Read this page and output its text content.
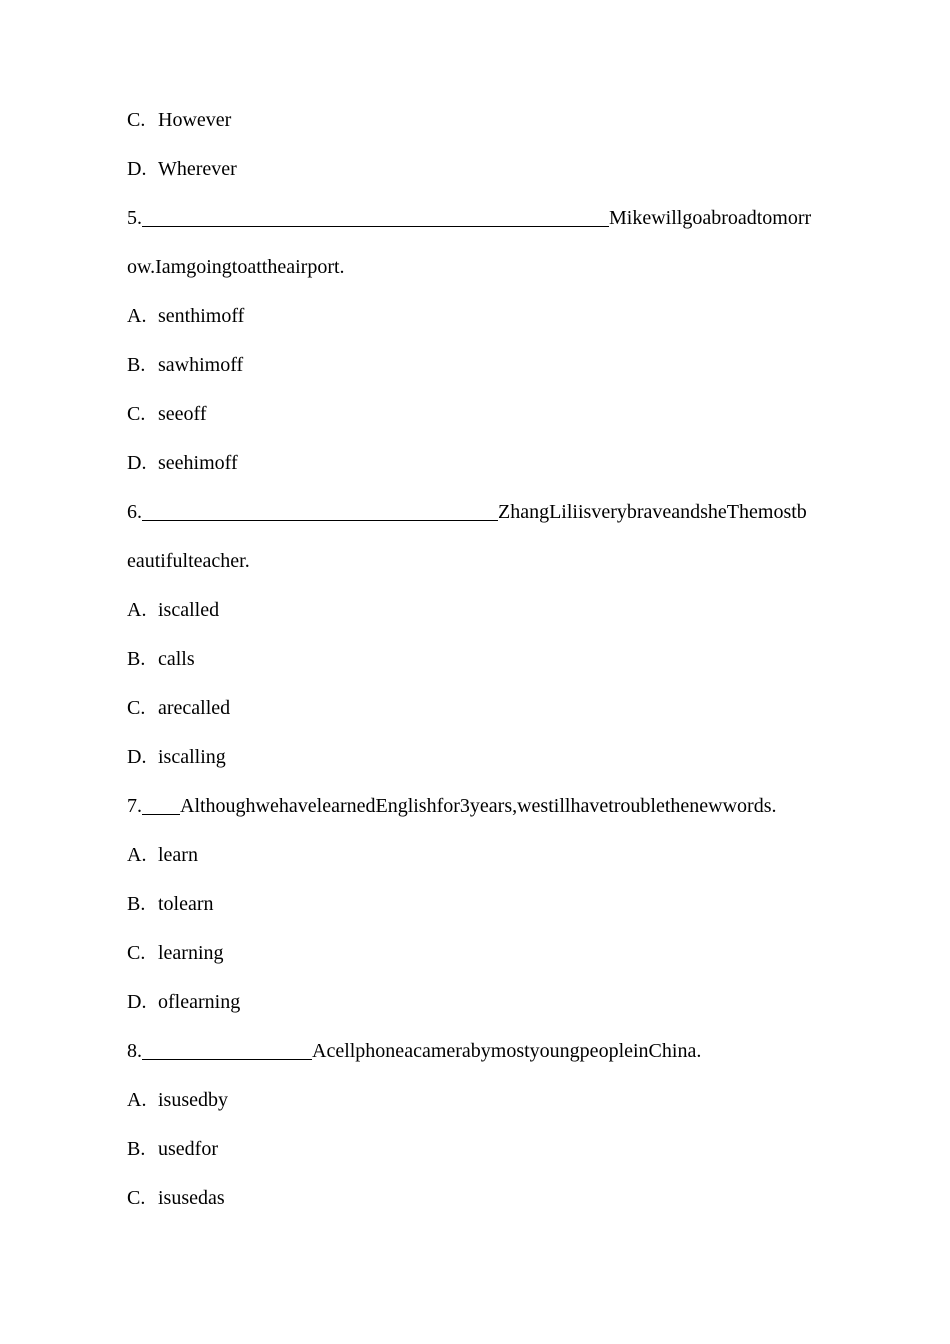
C. However
D. Wherever
5.	Mikewillgoabroadtomorr
ow.Iamgoingtoattheairport.
A. senthimoff
B. sawhimoff
C. seeoff
D. seehimoff
6.	ZhangLiliisverybraveandsheThemostb
eautifulteacher.
A. iscalled
B. calls
C. arecalled
D. iscalling
7. AlthoughwehavelearnedEnglishfor3years,westillhavetroublethenewwords.
A. learn
B. tolearn
C. learning
D. oflearning
8.	AcellphoneacamerabymostyoungpeopleinChina.
A. isusedby
B. usedfor
C. isusedas
